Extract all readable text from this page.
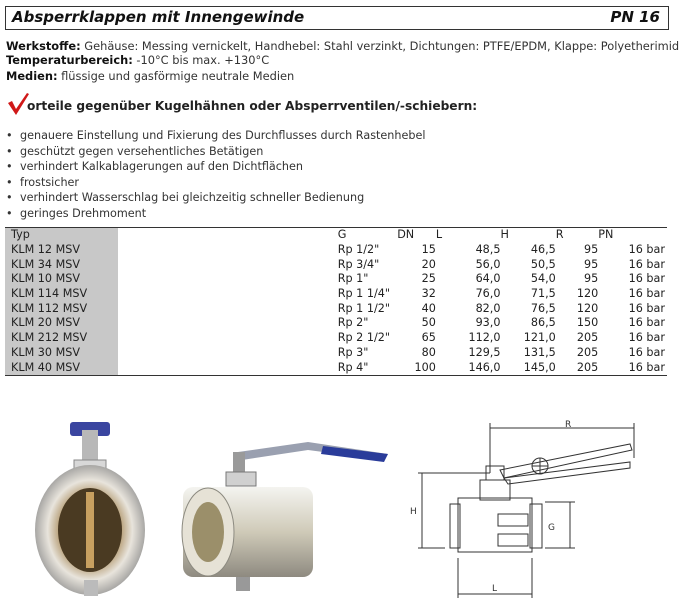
Absperrklappen mit Innengewinde	PN 16
Werkstoffe: Gehäuse: Messing vernickelt, Handhebel: Stahl verzinkt, Dichtungen: PTFE/EPDM, Klappe: Polyetherimid
Temperaturbereich: -10°C bis max. +130°C
Medien: flüssige und gasförmige neutrale Medien
orteile gegenüber Kugelhähnen oder Absperrventilen/-schiebern:
• genauere Einstellung und Fixierung des Durchflusses durch Rastenhebel
• geschützt gegen versehentliches Betätigen
• verhindert Kalkablagerungen auf den Dichtflächen
• frostsicher
• verhindert Wasserschlag bei gleichzeitig schneller Bedienung
• geringes Drehmoment
Typ	G	DN	L	H	R	PN
KLM 12 MSV	Rp 1/2"	15	48,5	46,5	95	16 bar
KLM 34 MSV	Rp 3/4"	20	56,0	50,5	95	16 bar
KLM 10 MSV	Rp 1"	25	64,0	54,0	95	16 bar
KLM 114 MSV	Rp 1 1/4"	32	76,0	71,5	120	16 bar
KLM 112 MSV	Rp 1 1/2"	40	82,0	76,5	120	16 bar
KLM 20 MSV	Rp 2"	50	93,0	86,5	150	16 bar
KLM 212 MSV	Rp 2 1/2"	65	112,0	121,0	205	16 bar
KLM 30 MSV	Rp 3"	80	129,5	131,5	205	16 bar
KLM 40 MSV	Rp 4"	100	146,0	145,0	205	16 bar
R
H
G
L
